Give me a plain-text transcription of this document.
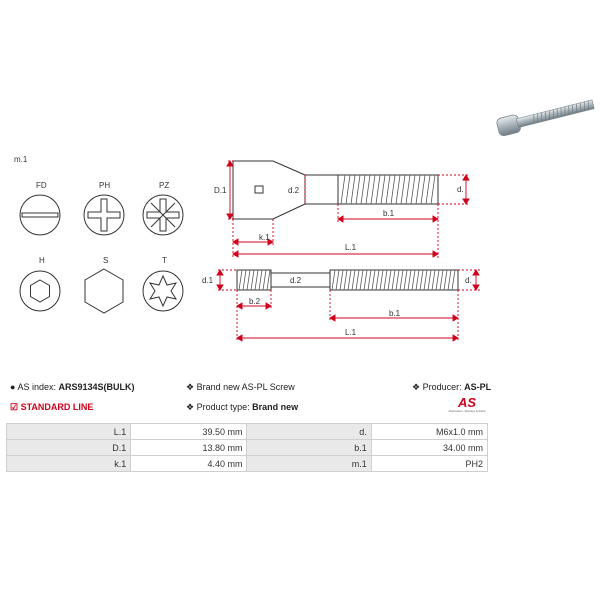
m.1
FD	PH	PZ
H	S	T
D.1	d.2	d.
b.1
k.1
L.1
d.1	d.2	d.
b.2
b.1
L.1
● AS index: ARS9134S(BULK)
☑ STANDARD LINE
❖ Brand new AS-PL Screw
❖ Product type: Brand new
❖ Producer: AS-PL
AS
Alternators, Starters & Parts
L.1	39.50 mm	d.	M6x1.0 mm
D.1	13.80 mm	b.1	34.00 mm
k.1	4.40 mm	m.1	PH2
